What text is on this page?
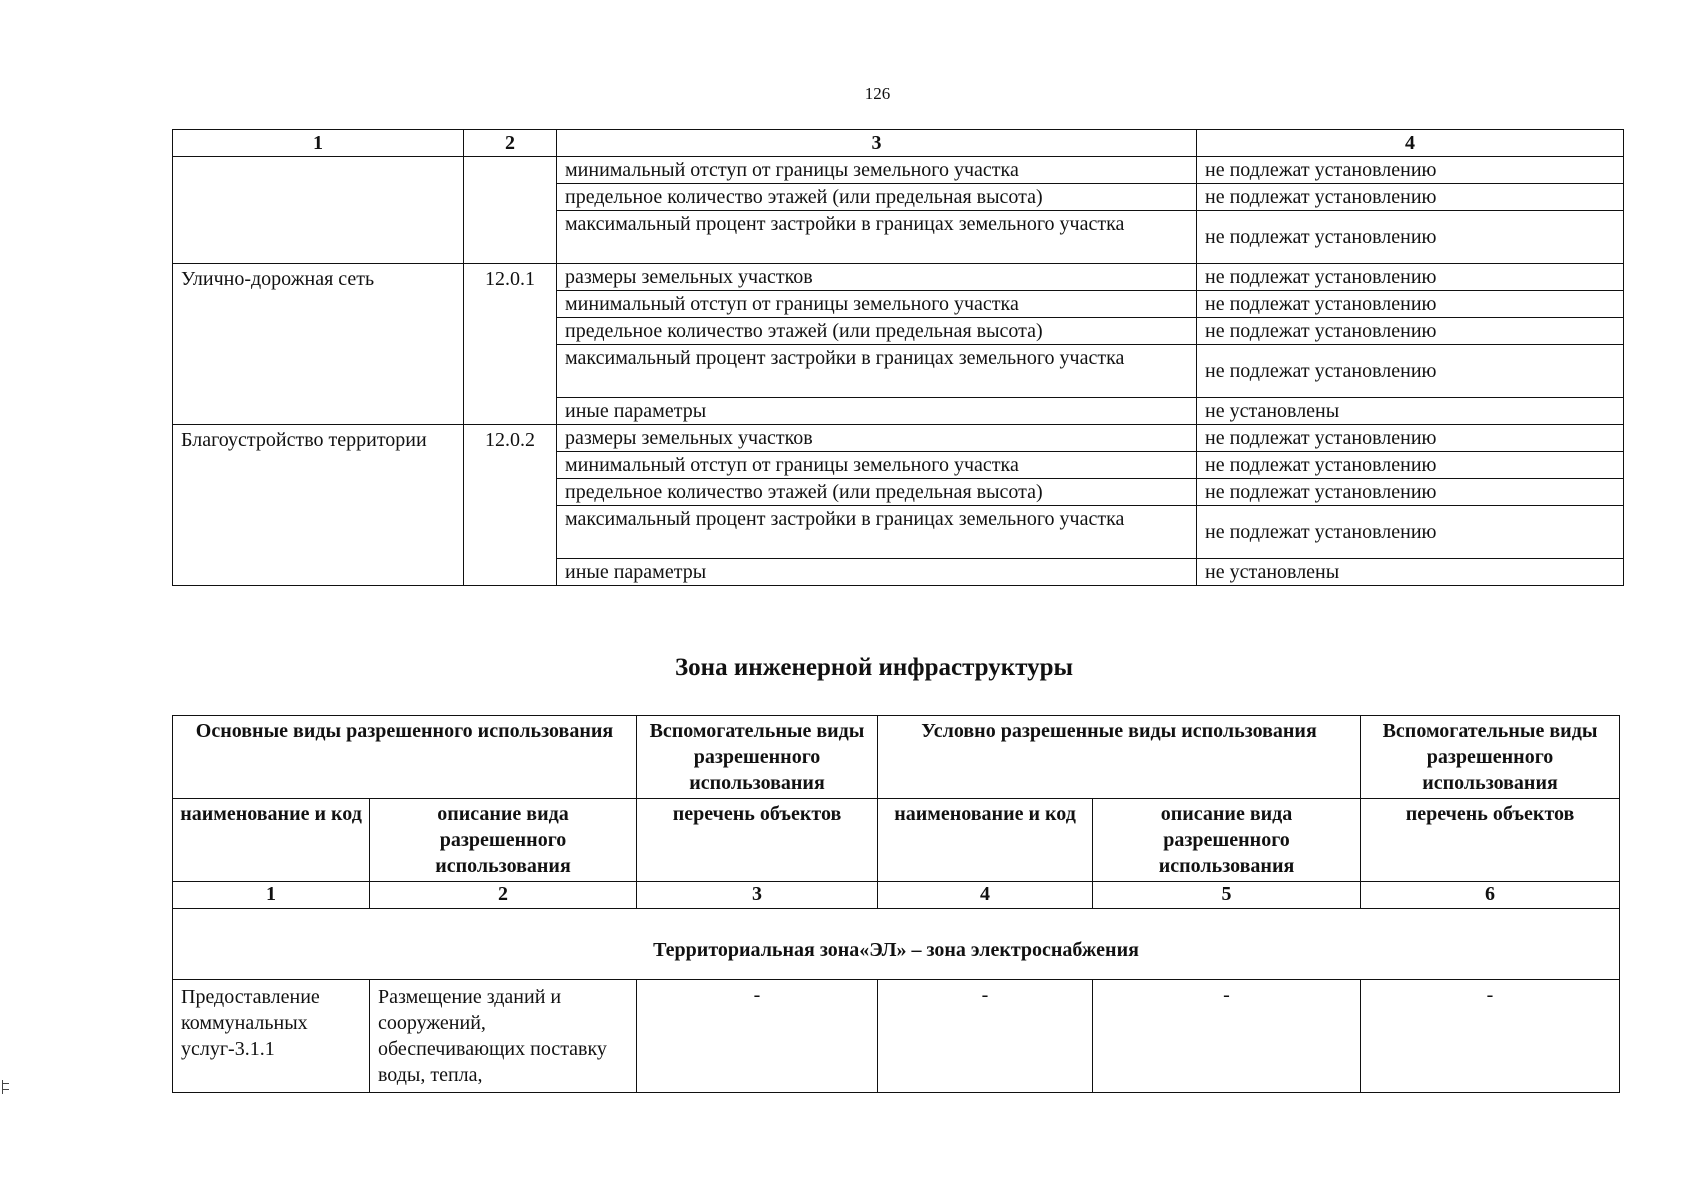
126
1	2	3	4
		минимальный отступ от границы земельного участка	не подлежат установлению
		предельное количество этажей (или предельная высота)	не подлежат установлению
		максимальный процент застройки в границах земельного участка	не подлежат установлению
Улично-дорожная сеть	12.0.1	размеры земельных участков	не подлежат установлению
		минимальный отступ от границы земельного участка	не подлежат установлению
		предельное количество этажей (или предельная высота)	не подлежат установлению
		максимальный процент застройки в границах земельного участка	не подлежат установлению
		иные параметры	не установлены
Благоустройство территории	12.0.2	размеры земельных участков	не подлежат установлению
		минимальный отступ от границы земельного участка	не подлежат установлению
		предельное количество этажей (или предельная высота)	не подлежат установлению
		максимальный процент застройки в границах земельного участка	не подлежат установлению
		иные параметры	не установлены
Зона инженерной инфраструктуры
Основные виды разрешенного использования		Вспомогательные виды разрешенного использования	Условно разрешенные виды использования		Вспомогательные виды разрешенного использования
наименование и код	описание вида разрешенного использования	перечень объектов	наименование и код	описание вида разрешенного использования	перечень объектов
1	2	3	4	5	6
Территориальная зона«ЭЛ» – зона электроснабжения					
Предоставление коммунальных услуг-3.1.1	Размещение зданий и сооружений, обеспечивающих поставку воды, тепла,	-	-	-	-
